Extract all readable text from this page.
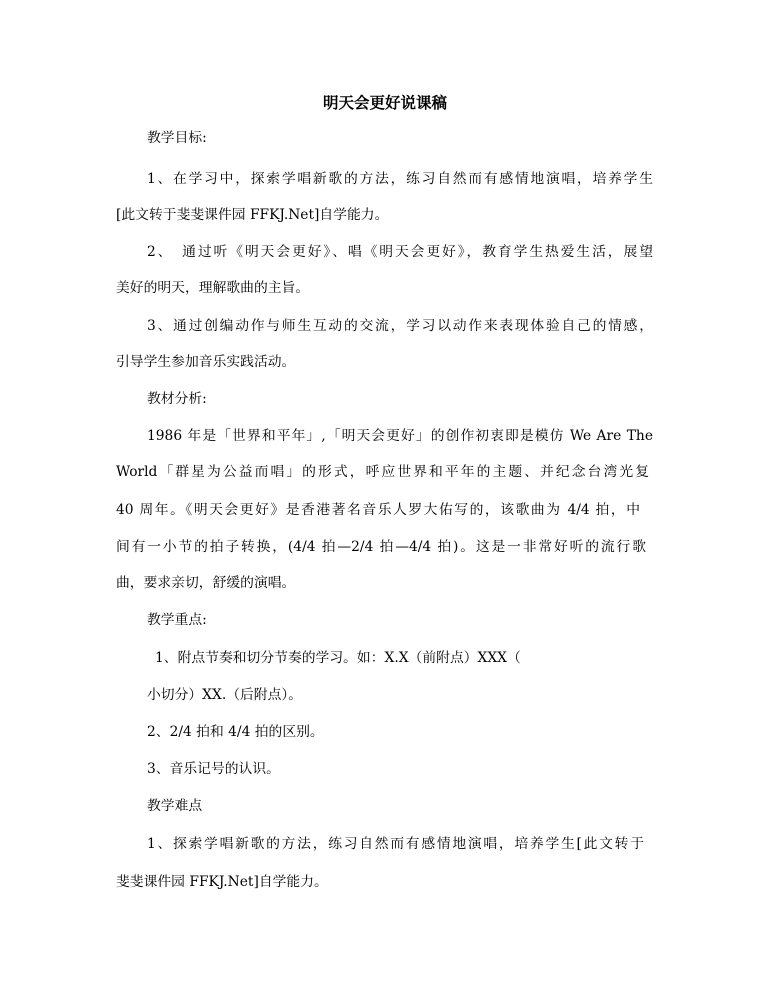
明天会更好说课稿
教学目标:
1、在学习中，探索学唱新歌的方法，练习自然而有感情地演唱，培养学生
[此文转于斐斐课件园 FFKJ.Net]自学能力。
2、　通过听《明天会更好》、唱《明天会更好》，教育学生热爱生活，展望
美好的明天，理解歌曲的主旨。
3、通过创编动作与师生互动的交流，学习以动作来表现体验自己的情感，
引导学生参加音乐实践活动。
教材分析:
1986 年是「世界和平年」,「明天会更好」的创作初衷即是模仿 We Are The
World「群星为公益而唱」的形式，呼应世界和平年的主题、并纪念台湾光复
40 周年。《明天会更好》是香港著名音乐人罗大佑写的，该歌曲为 4/4 拍，中
间有一小节的拍子转换，(4/4 拍—2/4 拍—4/4 拍)。这是一非常好听的流行歌
曲，要求亲切，舒缓的演唱。
教学重点:
1、附点节奏和切分节奏的学习。如：X.X（前附点）XXX（
小切分）XX.（后附点）。
2、2/4 拍和 4/4 拍的区别。
3、音乐记号的认识。
教学难点
1、探索学唱新歌的方法，练习自然而有感情地演唱，培养学生[此文转于
斐斐课件园 FFKJ.Net]自学能力。
